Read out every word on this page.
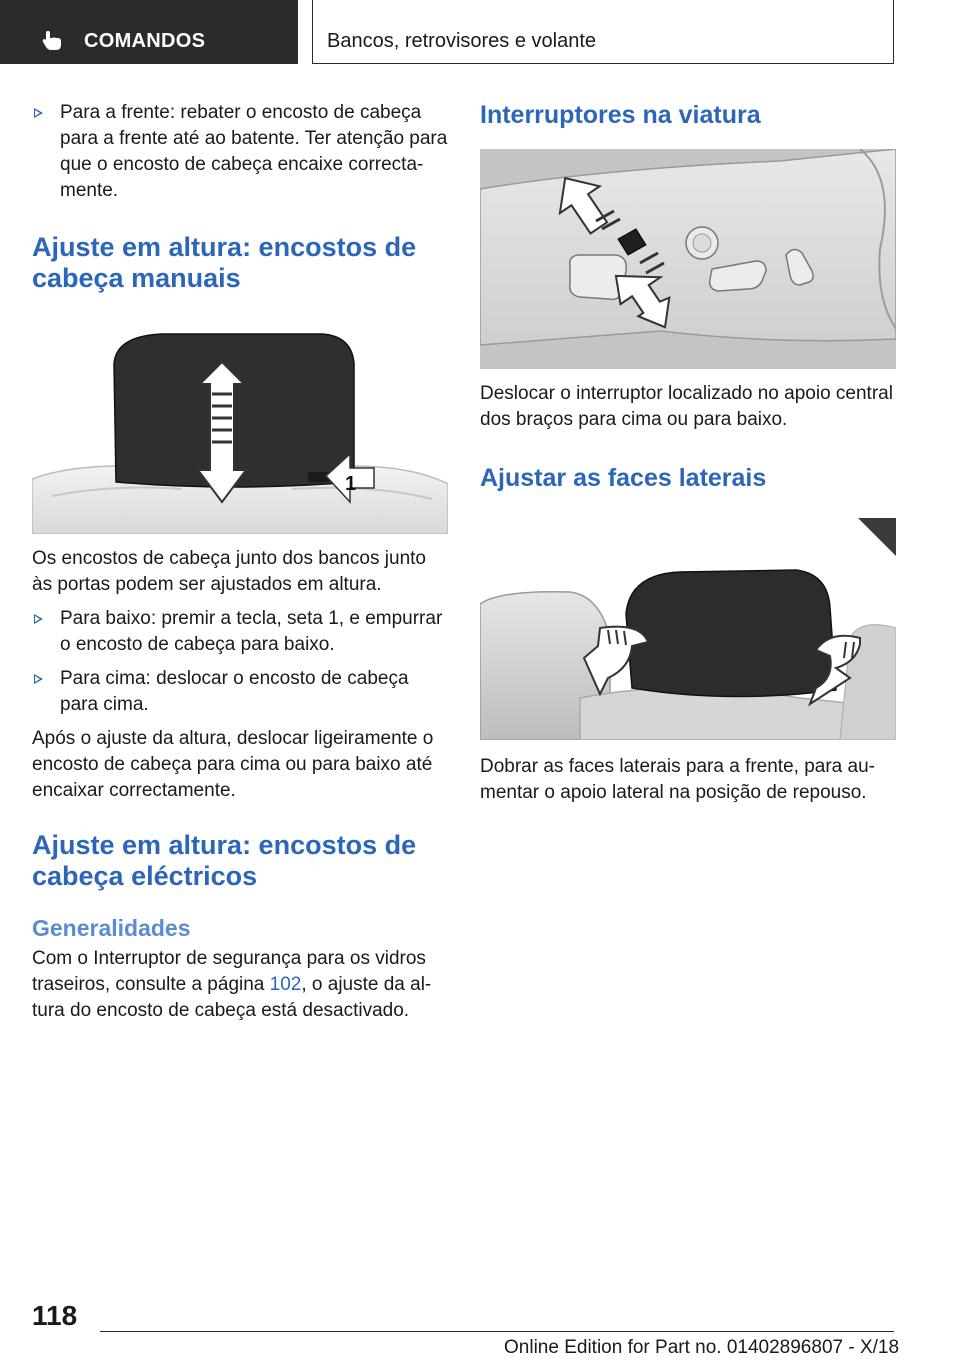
COMANDOS	Bancos, retrovisores e volante
Para a frente: rebater o encosto de cabeça para a frente até ao batente. Ter atenção para que o encosto de cabeça encaixe correcta-mente.
Ajuste em altura: encostos de cabeça manuais
1

Os encostos de cabeça junto dos bancos junto às portas podem ser ajustados em altura.

Para baixo: premir a tecla, seta 1, e empurrar o encosto de cabeça para baixo.
Para cima: deslocar o encosto de cabeça para cima.

Após o ajuste da altura, deslocar ligeiramente o encosto de cabeça para cima ou para baixo até encaixar correctamente.

Ajuste em altura: encostos de cabeça eléctricos
Generalidades

Com o Interruptor de segurança para os vidros traseiros, consulte a página 102, o ajuste da al-tura do encosto de cabeça está desactivado.

Interruptores na viatura

Deslocar o interruptor localizado no apoio central dos braços para cima ou para baixo.

Ajustar as faces laterais

Dobrar as faces laterais para a frente, para au-mentar o apoio lateral na posição de repouso.

118
Online Edition for Part no. 01402896807 - X/18
